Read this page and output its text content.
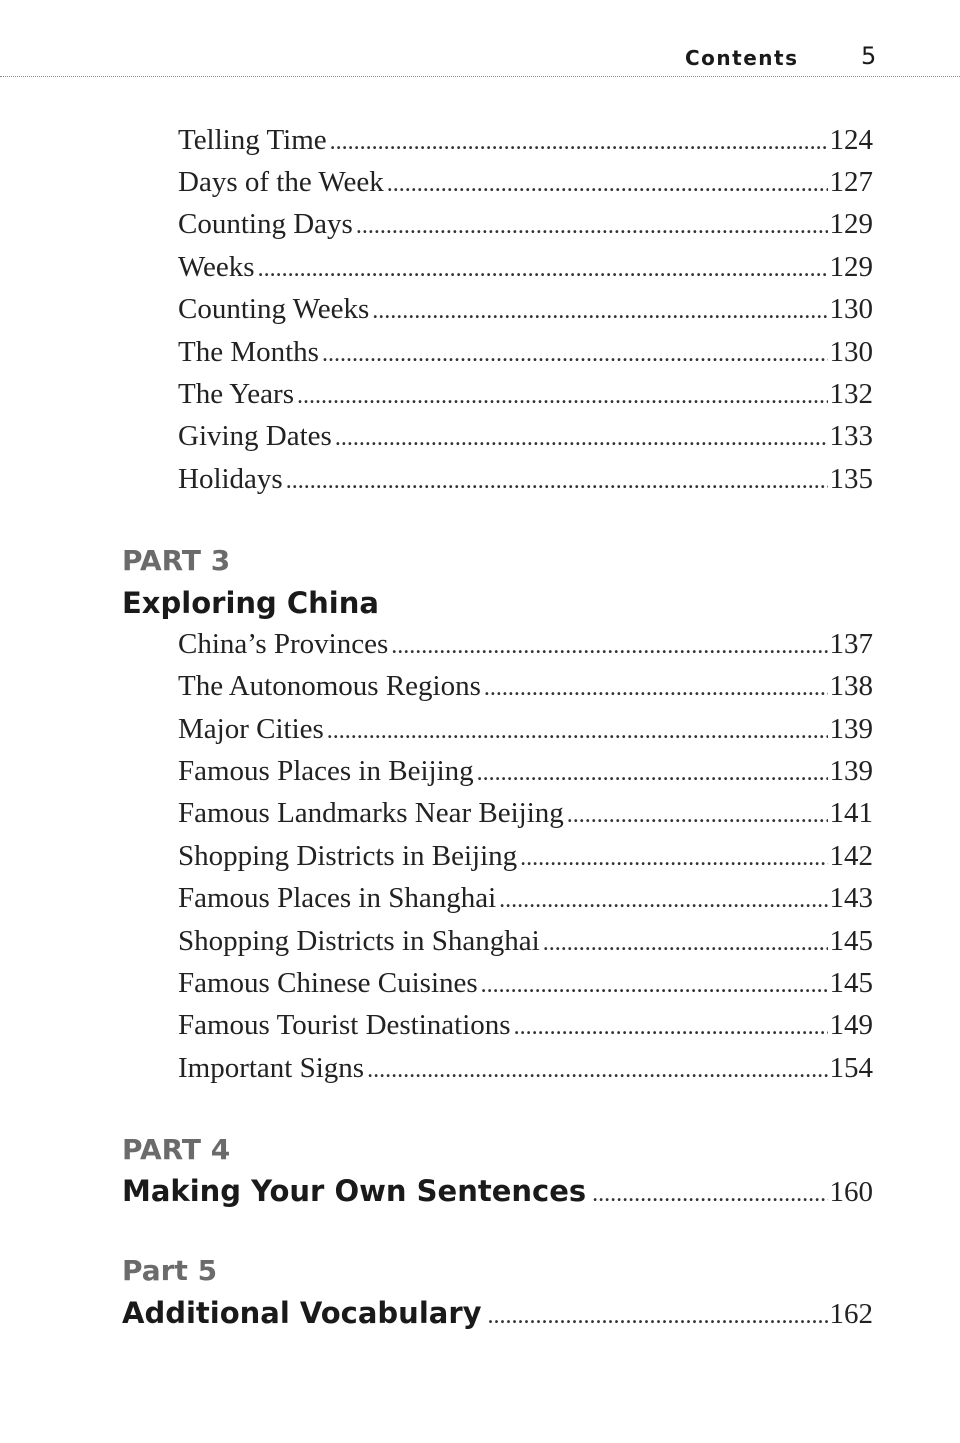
Contents	5
Telling Time . . .	124
Days of the Week . . .	127
Counting Days . . .	129
Weeks . . .	129
Counting Weeks . . .	130
The Months . . .	130
The Years . . .	132
Giving Dates . . .	133
Holidays . . .	135
PART 3
Exploring China
China’s Provinces . . .	137
The Autonomous Regions . . .	138
Major Cities . . .	139
Famous Places in Beijing . . .	139
Famous Landmarks Near Beijing . . .	141
Shopping Districts in Beijing . . .	142
Famous Places in Shanghai . . .	143
Shopping Districts in Shanghai . . .	145
Famous Chinese Cuisines . . .	145
Famous Tourist Destinations . . .	149
Important Signs . . .	154
PART 4
Making Your Own Sentences . . .	160
Part 5
Additional Vocabulary . . .	162
